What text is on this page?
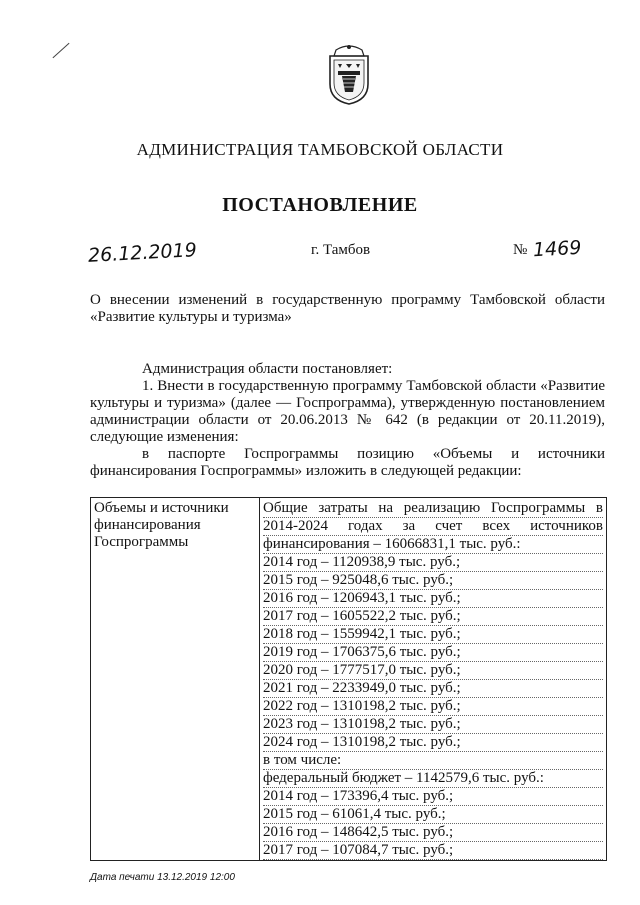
АДМИНИСТРАЦИЯ ТАМБОВСКОЙ ОБЛАСТИ
ПОСТАНОВЛЕНИЕ
26.12.2019	г. Тамбов	№ 1469
О внесении изменений в государственную программу Тамбовской области «Развитие культуры и туризма»
Администрация области постановляет:
1. Внести в государственную программу Тамбовской области «Развитие
культуры и туризма» (далее — Госпрограмма), утвержденную постановлением
администрации области от 20.06.2013 № 642 (в редакции от 20.11.2019),
следующие изменения:
в паспорте Госпрограммы позицию «Объемы и источники
финансирования Госпрограммы» изложить в следующей редакции:
Объемы и источники
финансирования
Госпрограммы

Общие затраты на реализацию Госпрограммы в
2014-2024 годах за счет всех источников
финансирования – 16066831,1 тыс. руб.:
2014 год – 1120938,9 тыс. руб.;
2015 год – 925048,6 тыс. руб.;
2016 год – 1206943,1 тыс. руб.;
2017 год – 1605522,2 тыс. руб.;
2018 год – 1559942,1 тыс. руб.;
2019 год – 1706375,6 тыс. руб.;
2020 год – 1777517,0 тыс. руб.;
2021 год – 2233949,0 тыс. руб.;
2022 год – 1310198,2 тыс. руб.;
2023 год – 1310198,2 тыс. руб.;
2024 год – 1310198,2 тыс. руб.;
в том числе:
федеральный бюджет – 1142579,6 тыс. руб.:
2014 год – 173396,4 тыс. руб.;
2015 год – 61061,4 тыс. руб.;
2016 год – 148642,5 тыс. руб.;
2017 год – 107084,7 тыс. руб.;
Дата печати 13.12.2019 12:00
